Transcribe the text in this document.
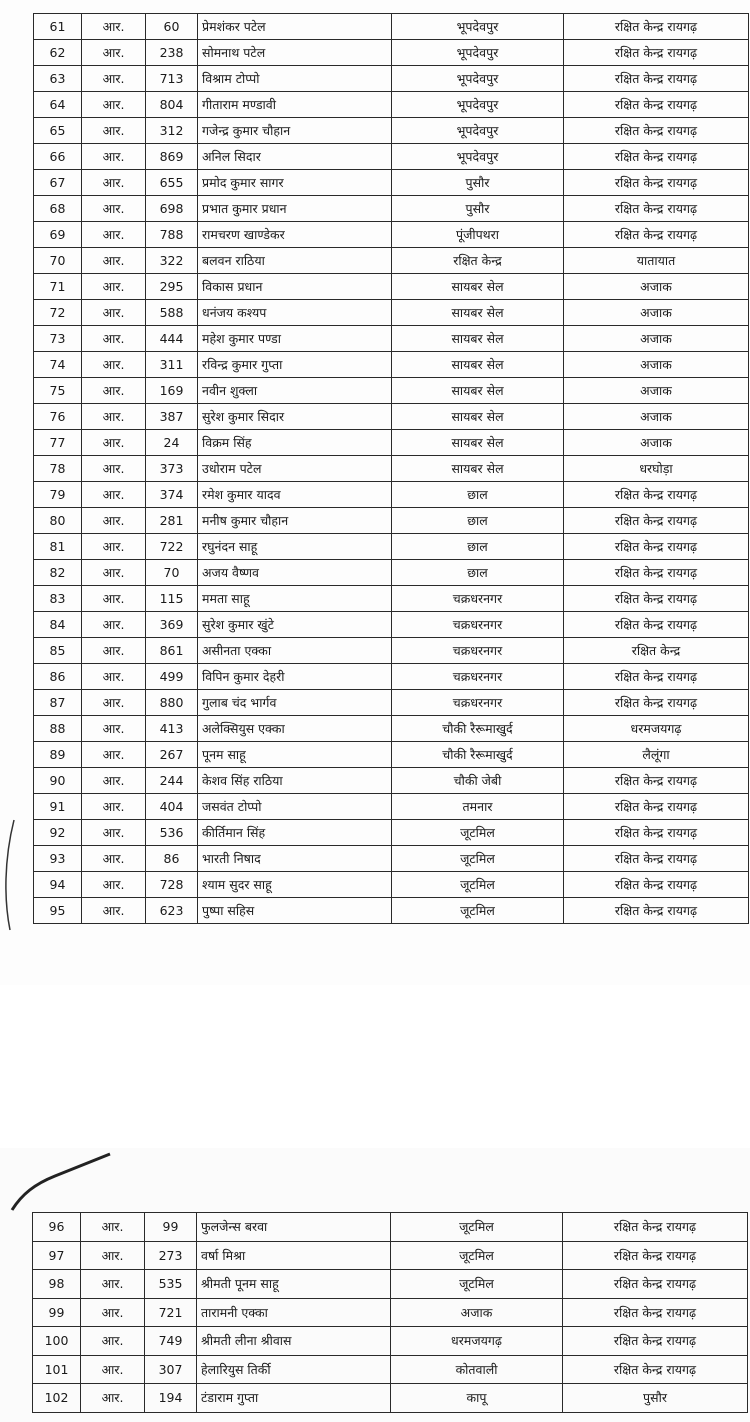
61	आर.	60	प्रेमशंकर पटेल	भूपदेवपुर	रक्षित केन्द्र रायगढ़
62	आर.	238	सोमनाथ पटेल	भूपदेवपुर	रक्षित केन्द्र रायगढ़
63	आर.	713	विश्राम टोप्पो	भूपदेवपुर	रक्षित केन्द्र रायगढ़
64	आर.	804	गीताराम मण्डावी	भूपदेवपुर	रक्षित केन्द्र रायगढ़
65	आर.	312	गजेन्द्र कुमार चौहान	भूपदेवपुर	रक्षित केन्द्र रायगढ़
66	आर.	869	अनिल सिदार	भूपदेवपुर	रक्षित केन्द्र रायगढ़
67	आर.	655	प्रमोद कुमार सागर	पुसौर	रक्षित केन्द्र रायगढ़
68	आर.	698	प्रभात कुमार प्रधान	पुसौर	रक्षित केन्द्र रायगढ़
69	आर.	788	रामचरण खाण्डेकर	पूंजीपथरा	रक्षित केन्द्र रायगढ़
70	आर.	322	बलवन राठिया	रक्षित केन्द्र	यातायात
71	आर.	295	विकास प्रधान	सायबर सेल	अजाक
72	आर.	588	धनंजय कश्यप	सायबर सेल	अजाक
73	आर.	444	महेश कुमार पण्डा	सायबर सेल	अजाक
74	आर.	311	रविन्द्र कुमार गुप्ता	सायबर सेल	अजाक
75	आर.	169	नवीन शुक्ला	सायबर सेल	अजाक
76	आर.	387	सुरेश कुमार सिदार	सायबर सेल	अजाक
77	आर.	24	विक्रम सिंह	सायबर सेल	अजाक
78	आर.	373	उधोराम पटेल	सायबर सेल	धरघोड़ा
79	आर.	374	रमेश कुमार यादव	छाल	रक्षित केन्द्र रायगढ़
80	आर.	281	मनीष कुमार चौहान	छाल	रक्षित केन्द्र रायगढ़
81	आर.	722	रघुनंदन साहू	छाल	रक्षित केन्द्र रायगढ़
82	आर.	70	अजय वैष्णव	छाल	रक्षित केन्द्र रायगढ़
83	आर.	115	ममता साहू	चक्रधरनगर	रक्षित केन्द्र रायगढ़
84	आर.	369	सुरेश कुमार खुंटे	चक्रधरनगर	रक्षित केन्द्र रायगढ़
85	आर.	861	असीनता एक्का	चक्रधरनगर	रक्षित केन्द्र
86	आर.	499	विपिन कुमार देहरी	चक्रधरनगर	रक्षित केन्द्र रायगढ़
87	आर.	880	गुलाब चंद भार्गव	चक्रधरनगर	रक्षित केन्द्र रायगढ़
88	आर.	413	अलेक्सियुस एक्का	चौकी रैरूमाखुर्द	धरमजयगढ़
89	आर.	267	पूनम साहू	चौकी रैरूमाखुर्द	लैलूंगा
90	आर.	244	केशव सिंह राठिया	चौकी जेबी	रक्षित केन्द्र रायगढ़
91	आर.	404	जसवंत टोप्पो	तमनार	रक्षित केन्द्र रायगढ़
92	आर.	536	कीर्तिमान सिंह	जूटमिल	रक्षित केन्द्र रायगढ़
93	आर.	86	भारती निषाद	जूटमिल	रक्षित केन्द्र रायगढ़
94	आर.	728	श्याम सुदर साहू	जूटमिल	रक्षित केन्द्र रायगढ़
95	आर.	623	पुष्पा सहिस	जूटमिल	रक्षित केन्द्र रायगढ़
96	आर.	99	फुलजेन्स बरवा	जूटमिल	रक्षित केन्द्र रायगढ़
97	आर.	273	वर्षा मिश्रा	जूटमिल	रक्षित केन्द्र रायगढ़
98	आर.	535	श्रीमती पूनम साहू	जूटमिल	रक्षित केन्द्र रायगढ़
99	आर.	721	तारामनी एक्का	अजाक	रक्षित केन्द्र रायगढ़
100	आर.	749	श्रीमती लीना श्रीवास	धरमजयगढ़	रक्षित केन्द्र रायगढ़
101	आर.	307	हेलारियुस तिर्की	कोतवाली	रक्षित केन्द्र रायगढ़
102	आर.	194	टंडाराम गुप्ता	कापू	पुसौर
